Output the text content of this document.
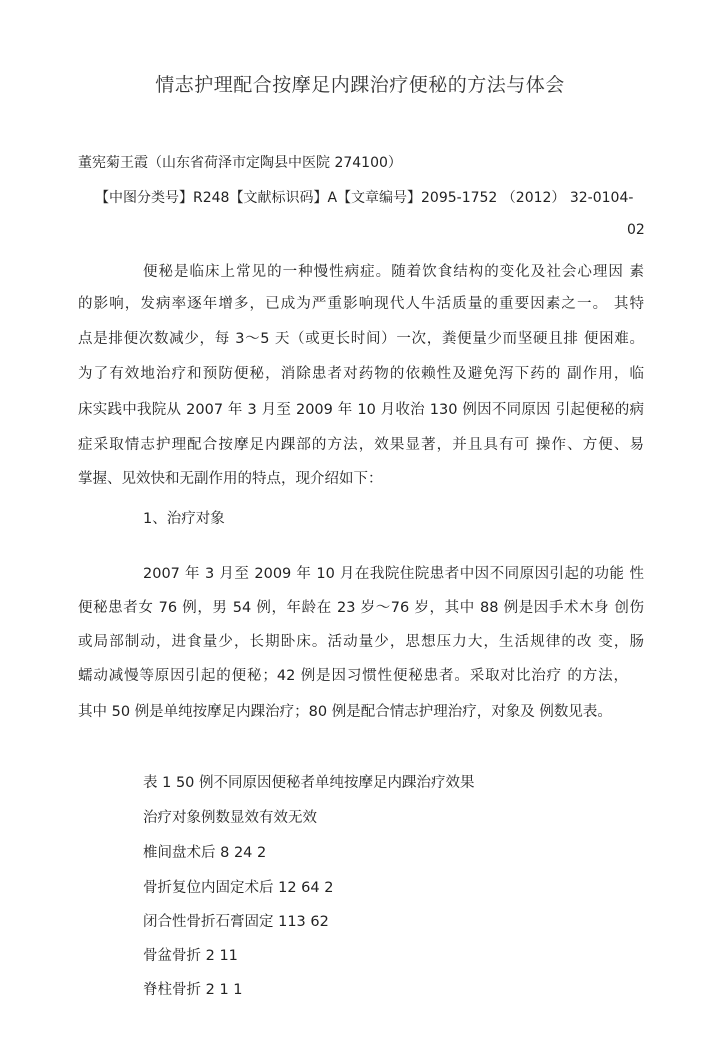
情志护理配合按摩足内踝治疗便秘的方法与体会
董宪菊王霞（山东省荷泽市定陶县中医院 274100）
【中图分类号】R248【文献标识码】A【文章编号】2095-1752 （2012） 32-0104-
02
便秘是临床上常见的一种慢性病症。随着饮食结构的变化及社会心理因 素
的影响，发病率逐年增多，已成为严重影响现代人牛活质量的重要因素之一。 其特
点是排便次数减少，每 3～5 天（或更长时间）一次，粪便量少而坚硬且排 便困难。
为了有效地治疗和预防便秘，消除患者对药物的依赖性及避免泻下药的 副作用，临
床实践中我院从 2007 年 3 月至 2009 年 10 月收治 130 例因不同原因 引起便秘的病
症采取情志护理配合按摩足内踝部的方法，效果显著，并且具有可 操作、方便、易
掌握、见效快和无副作用的特点，现介绍如下：
1、治疗对象
2007 年 3 月至 2009 年 10 月在我院住院患者中因不同原因引起的功能 性
便秘患者女 76 例，男 54 例，年龄在 23 岁～76 岁，其中 88 例是因手术木身 创伤
或局部制动，进食量少，长期卧床。活动量少，思想压力大，生活规律的改 变，肠
蠕动减慢等原因引起的便秘；42 例是因习惯性便秘患者。采取对比治疗 的方法，
其中 50 例是单纯按摩足内踝治疗；80 例是配合情志护理治疗，对象及 例数见表。
表 1 50 例不同原因便秘者单纯按摩足内踝治疗效果
治疗对象例数显效有效无效
椎间盘术后 8 24 2
骨折复位内固定术后 12 64 2
闭合性骨折石膏固定 113 62
骨盆骨折 2 11
脊柱骨折 2 1 1
